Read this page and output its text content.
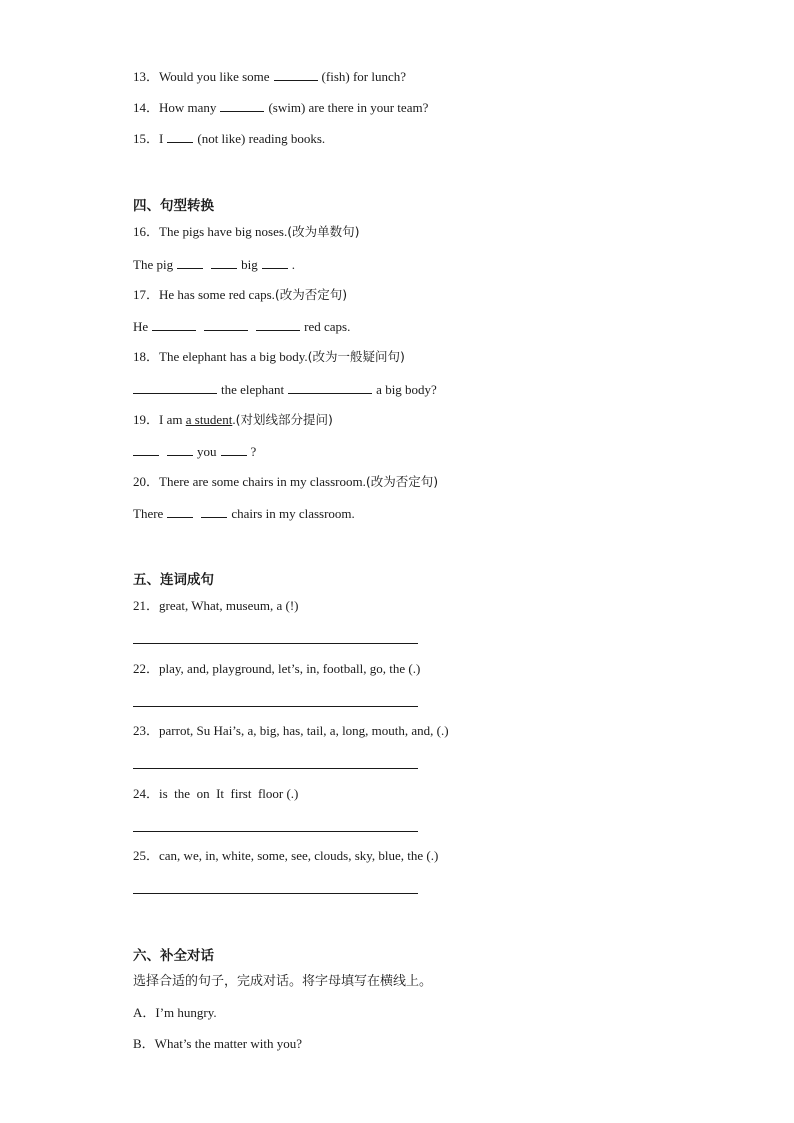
13．Would you like some	(fish) for lunch?
14．How many	(swim) are there in your team?
15．I	(not like) reading books.
四、句型转换
16．The pigs have big noses.(改为单数句)
The pig	big	.
17．He has some red caps.(改为否定句)
He	red caps.
18．The elephant has a big body.(改为一般疑问句)
the elephant	a big body?
19．I am a student.(对划线部分提问)
you	?
20．There are some chairs in my classroom.(改为否定句)
There	chairs in my classroom.
五、连词成句
21．great, What, museum, a (!)
22．play, and, playground, let’s, in, football, go, the (.)
23．parrot, Su Hai’s, a, big, has, tail, a, long, mouth, and, (.)
24．is  the  on  It  first  floor (.)
25．can, we, in, white, some, see, clouds, sky, blue, the (.)
六、补全对话
选择合适的句子，完成对话。将字母填写在横线上。
A．I’m hungry.
B．What’s the matter with you?
